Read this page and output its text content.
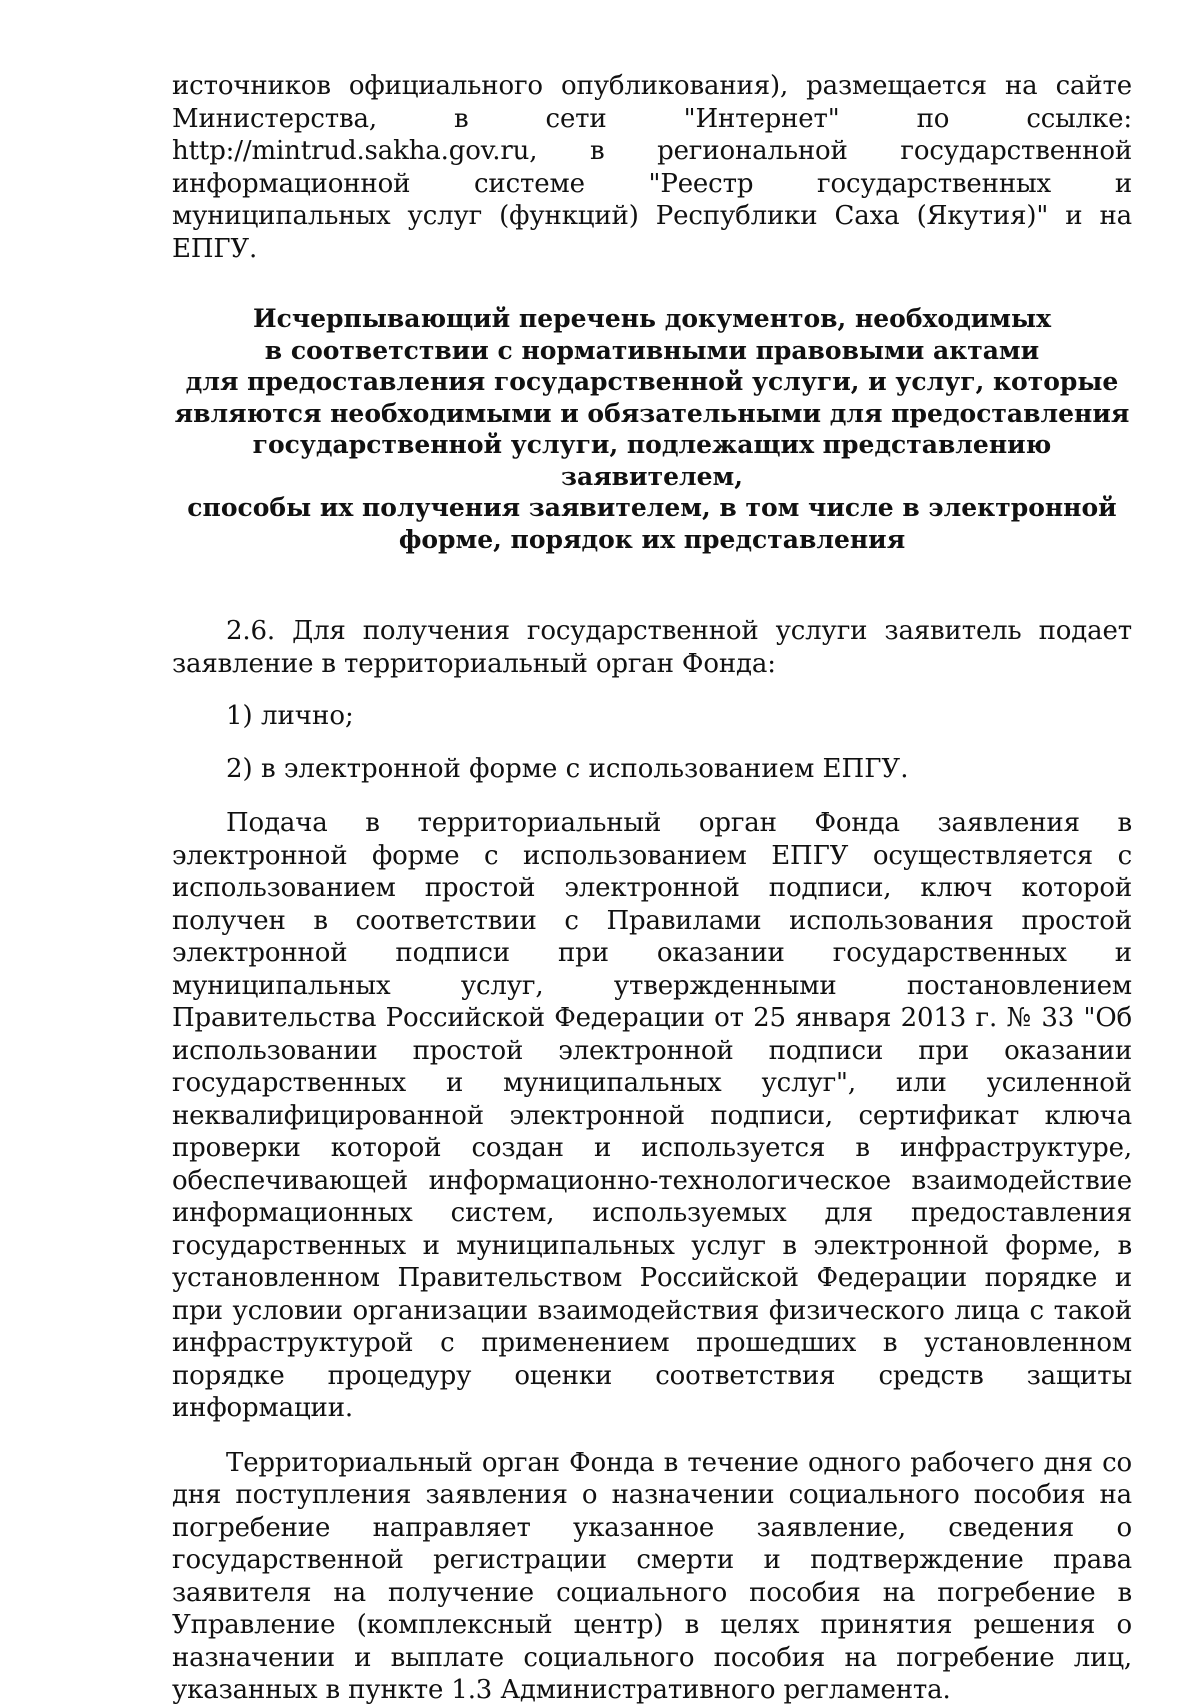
источников официального опубликования), размещается на сайте Министерства, в сети "Интернет" по ссылке: http://mintrud.sakha.gov.ru, в региональной государственной информационной системе "Реестр государственных и муниципальных услуг (функций) Республики Саха (Якутия)" и на ЕПГУ.

Исчерпывающий перечень документов, необходимых
в соответствии с нормативными правовыми актами
для предоставления государственной услуги, и услуг, которые
являются необходимыми и обязательными для предоставления
государственной услуги, подлежащих представлению заявителем,
способы их получения заявителем, в том числе в электронной
форме, порядок их представления

2.6. Для получения государственной услуги заявитель подает заявление в территориальный орган Фонда:

1) лично;

2) в электронной форме с использованием ЕПГУ.

Подача в территориальный орган Фонда заявления в электронной форме с использованием ЕПГУ осуществляется с использованием простой электронной подписи, ключ которой получен в соответствии с Правилами использования простой электронной подписи при оказании государственных и муниципальных услуг, утвержденными постановлением Правительства Российской Федерации от 25 января 2013 г. № 33 "Об использовании простой электронной подписи при оказании государственных и муниципальных услуг", или усиленной неквалифицированной электронной подписи, сертификат ключа проверки которой создан и используется в инфраструктуре, обеспечивающей информационно-технологическое взаимодействие информационных систем, используемых для предоставления государственных и муниципальных услуг в электронной форме, в установленном Правительством Российской Федерации порядке и при условии организации взаимодействия физического лица с такой инфраструктурой с применением прошедших в установленном порядке процедуру оценки соответствия средств защиты информации.

Территориальный орган Фонда в течение одного рабочего дня со дня поступления заявления о назначении социального пособия на погребение направляет указанное заявление, сведения о государственной регистрации смерти и подтверждение права заявителя на получение социального пособия на погребение в Управление (комплексный центр) в целях принятия решения о назначении и выплате социального пособия на погребение лиц, указанных в пункте 1.3 Административного регламента.
